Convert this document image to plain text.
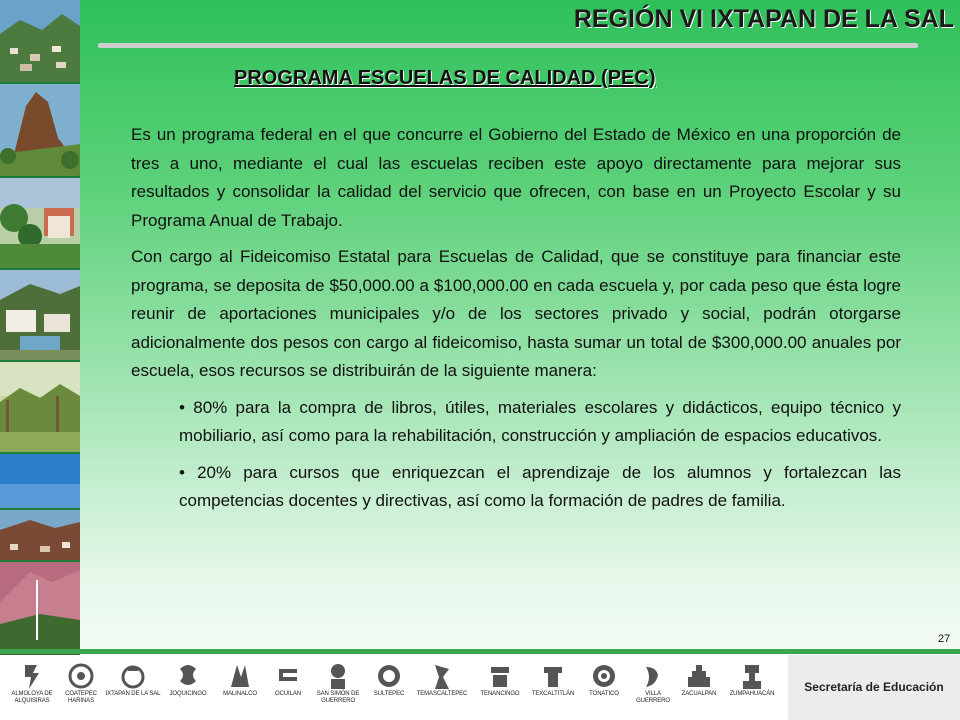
REGIÓN VI IXTAPAN DE LA SAL
PROGRAMA ESCUELAS DE CALIDAD (PEC)

Es un programa federal en el que concurre el Gobierno del Estado de México en una proporción de tres a uno, mediante el cual las escuelas reciben este apoyo directamente para mejorar sus resultados y consolidar la calidad del servicio que ofrecen, con base en un Proyecto Escolar y su Programa Anual de Trabajo.

Con cargo al Fideicomiso Estatal para Escuelas de Calidad, que se constituye para financiar este programa, se deposita de $50,000.00 a $100,000.00 en cada escuela y, por cada peso que ésta logre reunir de aportaciones municipales y/o de los sectores privado y social, podrán otorgarse adicionalmente dos pesos con cargo al fideicomiso, hasta sumar un total de $300,000.00 anuales por escuela, esos recursos se distribuirán de la siguiente manera:

• 80% para la compra de libros, útiles, materiales escolares y didácticos, equipo técnico y mobiliario, así como para la rehabilitación, construcción y ampliación de espacios educativos.
• 20% para cursos que enriquezcan el aprendizaje de los alumnos y fortalezcan las competencias docentes y directivas, así como la formación de padres de familia.
27
ALMOLOYA DE ALQUISIRAS
COATEPEC HARINAS
IXTAPAN DE LA SAL	JOQUICINGO	MALINALCO	OCUILAN	SAN SIMÓN DE GUERRERO
SULTEPEC	TEMASCALTEPEC	TENANCINGO	TEXCALTITLÁN	TONATICO	VILLA GUERRERO
ZACUALPAN	ZUMPAHUACÁN	Secretaría de Educación
